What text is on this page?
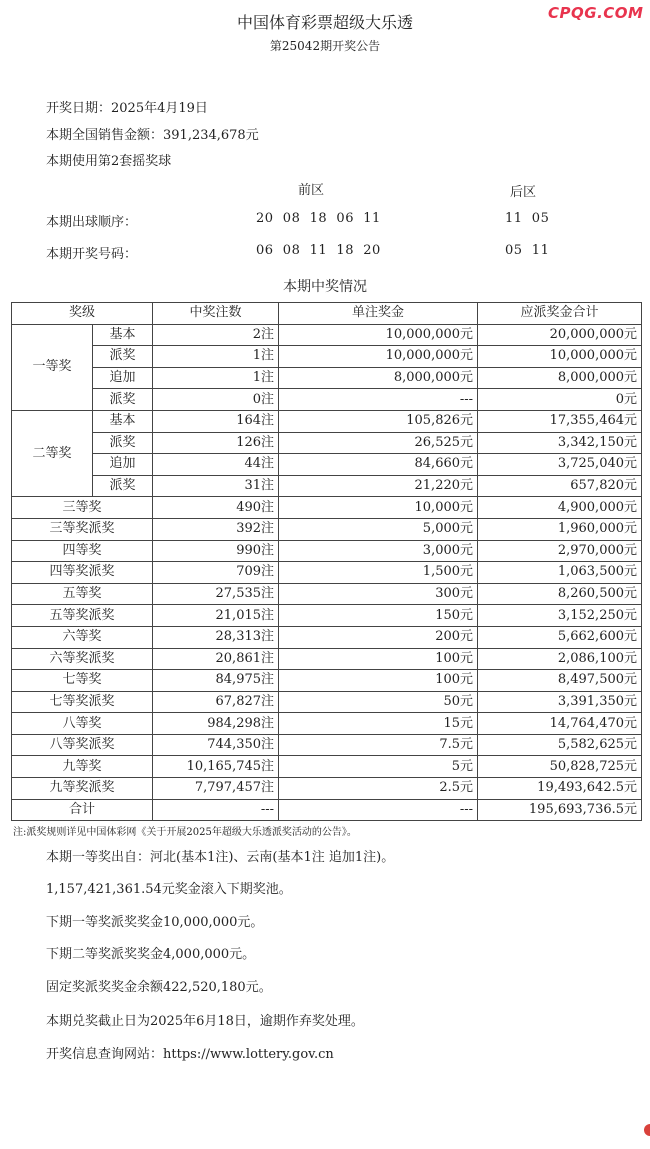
CPQG.COM
中国体育彩票超级大乐透
第25042期开奖公告
开奖日期：2025年4月19日
本期全国销售金额：391,234,678元
本期使用第2套摇奖球
前区	后区
本期出球顺序：	20  08  18  06  11	11  05
本期开奖号码：	06  08  11  18  20	05  11
本期中奖情况
奖级		中奖注数	单注奖金	应派奖金合计
一等奖	基本	2注	10,000,000元	20,000,000元
	派奖	1注	10,000,000元	10,000,000元
	追加	1注	8,000,000元	8,000,000元
	派奖	0注	---	0元
二等奖	基本	164注	105,826元	17,355,464元
	派奖	126注	26,525元	3,342,150元
	追加	44注	84,660元	3,725,040元
	派奖	31注	21,220元	657,820元
三等奖		490注	10,000元	4,900,000元
三等奖派奖		392注	5,000元	1,960,000元
四等奖		990注	3,000元	2,970,000元
四等奖派奖		709注	1,500元	1,063,500元
五等奖		27,535注	300元	8,260,500元
五等奖派奖		21,015注	150元	3,152,250元
六等奖		28,313注	200元	5,662,600元
六等奖派奖		20,861注	100元	2,086,100元
七等奖		84,975注	100元	8,497,500元
七等奖派奖		67,827注	50元	3,391,350元
八等奖		984,298注	15元	14,764,470元
八等奖派奖		744,350注	7.5元	5,582,625元
九等奖		10,165,745注	5元	50,828,725元
九等奖派奖		7,797,457注	2.5元	19,493,642.5元
合计		---	---	195,693,736.5元
注:派奖规则详见中国体彩网《关于开展2025年超级大乐透派奖活动的公告》。
本期一等奖出自：河北(基本1注)、云南(基本1注 追加1注)。
1,157,421,361.54元奖金滚入下期奖池。
下期一等奖派奖奖金10,000,000元。
下期二等奖派奖奖金4,000,000元。
固定奖派奖奖金余额422,520,180元。
本期兑奖截止日为2025年6月18日，逾期作弃奖处理。
开奖信息查询网站：https://www.lottery.gov.cn
